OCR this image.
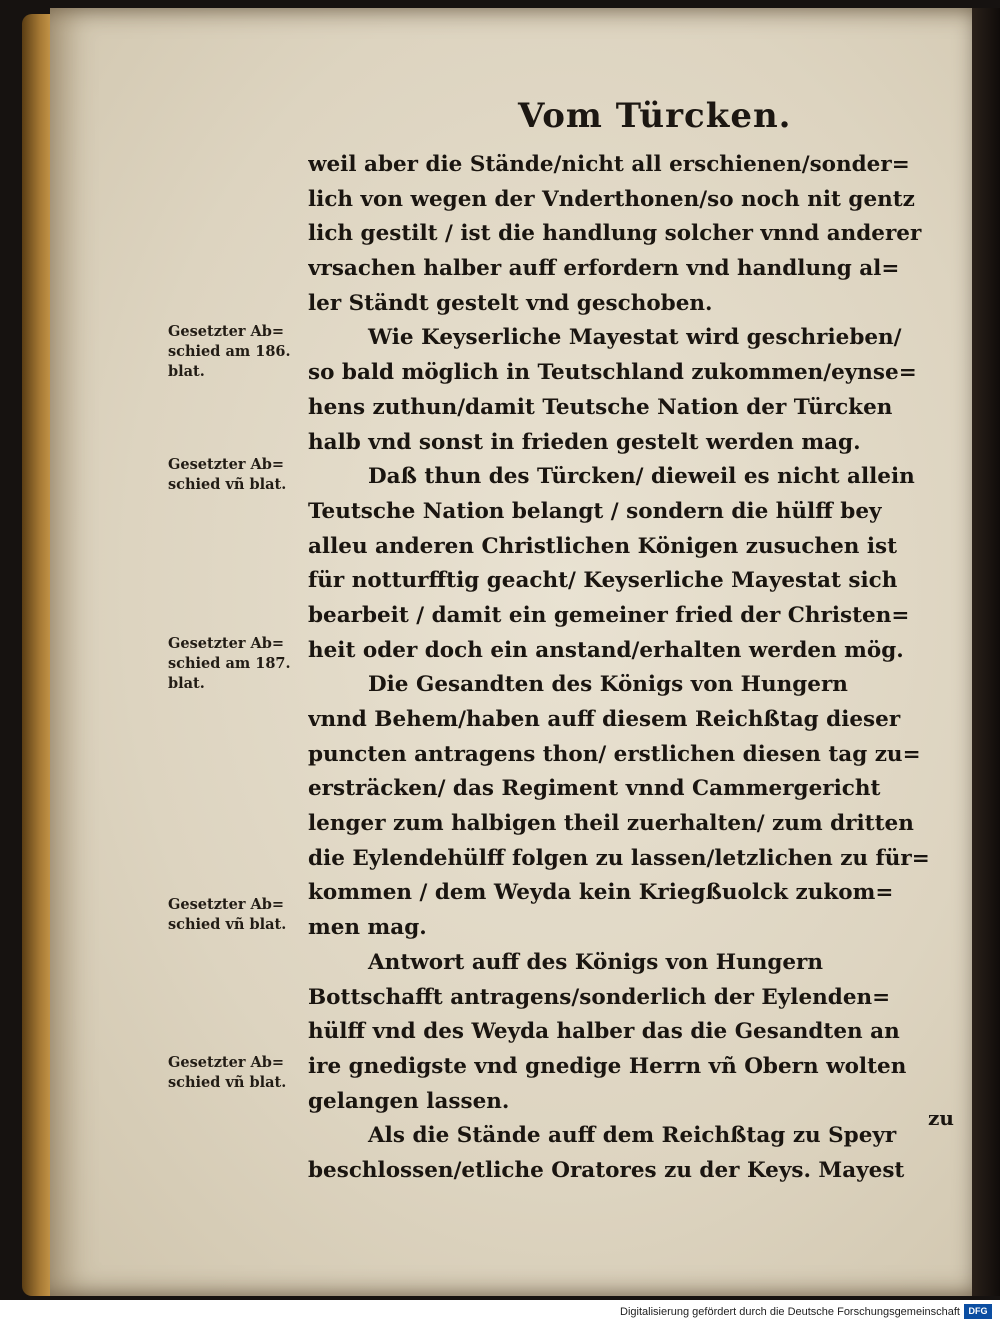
Vom Türcken.
weil aber die Stände/nicht all erschienen/sonder=
lich von wegen der Vnderthonen/so noch nit gentz
lich gestilt / ist die handlung solcher vnnd anderer
vrsachen halber auff erfordern vnd handlung al=
ler Ständt gestelt vnd geschoben.
Wie Keyserliche Mayestat wird geschrieben/
so bald möglich in Teutschland zukommen/eynse=
hens zuthun/damit Teutsche Nation der Türcken
halb vnd sonst in frieden gestelt werden mag.
Daß thun des Türcken/ dieweil es nicht allein
Teutsche Nation belangt / sondern die hülff bey
alleu anderen Christlichen Königen zusuchen ist
für notturfftig geacht/ Keyserliche Mayestat sich
bearbeit / damit ein gemeiner fried der Christen=
heit oder doch ein anstand/erhalten werden mög.
Die Gesandten des Königs von Hungern
vnnd Behem/haben auff diesem Reichßtag dieser
puncten antragens thon/ erstlichen diesen tag zu=
ersträcken/ das Regiment vnnd Cammergericht
lenger zum halbigen theil zuerhalten/ zum dritten
die Eylendehülff folgen zu lassen/letzlichen zu für=
kommen / dem Weyda kein Kriegßuolck zukom=
men mag.
Antwort auff des Königs von Hungern
Bottschafft antragens/sonderlich der Eylenden=
hülff vnd des Weyda halber das die Gesandten an
ire gnedigste vnd gnedige Herrn vñ Obern wolten
gelangen lassen.
Als die Stände auff dem Reichßtag zu Speyr
beschlossen/etliche Oratores zu der Keys. Mayest
zu
Gesetzter Ab=
schied am 186.
blat.
Gesetzter Ab=
schied vñ blat.
Gesetzter Ab=
schied am 187.
blat.
Gesetzter Ab=
schied vñ blat.
Gesetzter Ab=
schied vñ blat.
Digitalisierung gefördert durch die Deutsche Forschungsgemeinschaft DFG
